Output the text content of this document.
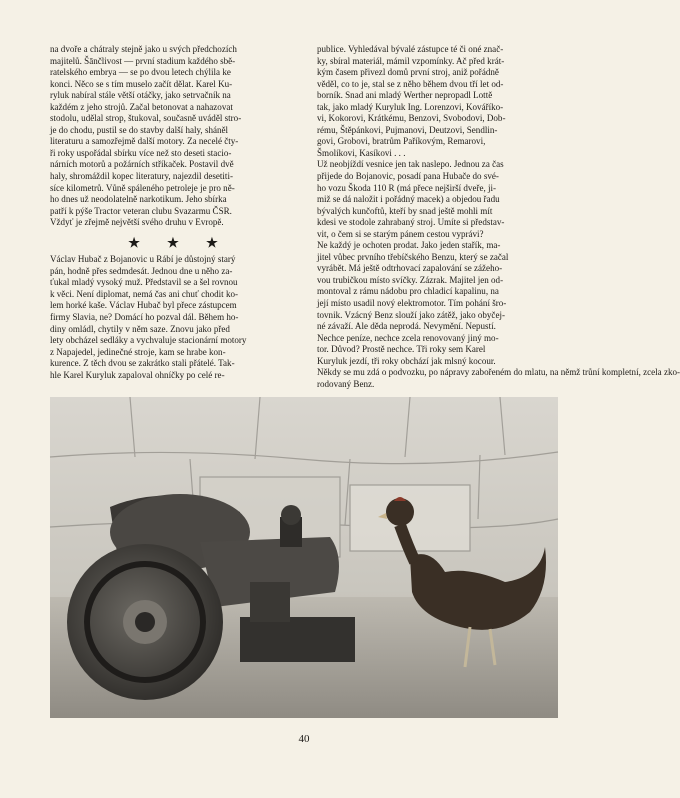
na dvoře a chátraly stejně jako u svých předchozích
majitelů. Šānčlivost — první stadium každého sbě-
ratelského embrya — se po dvou letech chýlila ke
konci. Něco se s tím muselo začít dělat. Karel Ku-
ryluk nabíral stále větší otáčky, jako setrvačník na
každém z jeho strojů. Začal betonovat a nahazovat
stodolu, udělal strop, štukoval, současně uváděl stro-
je do chodu, pustil se do stavby další haly, sháněl
literaturu a samozřejmě další motory. Za necelé čty-
ři roky uspořádal sbírku více než sto deseti stacio-
nárních motorů a požárních stříkaček. Postavil dvě
haly, shromáždil kopec literatury, najezdil desetiti-
síce kilometrů. Vůně spáleného petroleje je pro ně-
ho dnes už neodolatelně narkotikum. Jeho sbírka
patří k pýše Tractor veteran clubu Svazarmu ČSR.
Vždyť je zřejmě největší svého druhu v Evropě.

★ ★ ★

Václav Hubač z Bojanovic u Rábí je důstojný starý
pán, hodně přes sedmdesát. Jednou dne u něho za-
ťukal mladý vysoký muž. Představil se a šel rovnou
k věci. Není diplomat, nemá čas ani chuť chodit ko-
lem horké kaše. Václav Hubač byl přece zástupcem
firmy Slavia, ne? Domácí ho pozval dál. Během ho-
diny omládl, chytily v něm saze. Znovu jako před
lety obcházel sedláky a vychvaluje stacionární motory
z Napajedel, jedinečné stroje, kam se hrabe kon-
kurence. Z těch dvou se zakrátko stali přátelé. Tak-
hle Karel Kuryluk zapaloval ohníčky po celé re-

publice. Vyhledával bývalé zástupce té či oné znač-
ky, sbíral materiál, mámil vzpomínky. Ač před krát-
kým časem přivezl domů první stroj, aniž pořádně
věděl, co to je, stal se z něho během dvou tří let od-
borník. Snad ani mladý Werther nepropadl Lottě
tak, jako mladý Kuryluk Ing. Lorenzovi, Kováříko-
vi, Kokorovi, Krátkému, Benzovi, Svobodovi, Dob-
rému, Štěpánkovi, Pujmanovi, Deutzovi, Sendlin-
govi, Grobovi, bratrům Paříkovým, Remarovi,
Šmolíkovi, Kasíkovi . . .

Už neobjíždí vesnice jen tak naslepo. Jednou za čas
přijede do Bojanovic, posadí pana Hubače do své-
ho vozu Škoda 110 R (má přece nejširší dveře, ji-
miž se dá naložit i pořádný macek) a objedou řadu
bývalých kunčoftů, kteří by snad ještě mohli mít
kdesi ve stodole zahrabaný stroj. Umíte si představ-
vit, o čem si se starým pánem cestou vyprávi?

Ne každý je ochoten prodat. Jako jeden stařík, ma-
jitel vůbec prvního třebíčského Benzu, který se začal
vyrábět. Má ještě odtrhovací zapalování se zážeho-
vou trubičkou místo svíčky. Zázrak. Majitel jen od-
montoval z rámu nádobu pro chladicí kapalinu, na
její místo usadil nový elektromotor. Tím pohání šro-
tovnik. Vzácný Benz slouží jako zátěž, jako obyčej-
né závaží. Ale děda neprodá. Nevymění. Nepustí.
Nechce peníze, nechce zcela renovovaný jiný mo-
tor. Důvod? Prostě nechce. Tři roky sem Karel
Kuryluk jezdí, tři roky obchází jak mlsný kocour.
Někdy se mu zdá o podvozku, po nápravy zabořeném do mlatu, na němž trůní kompletní, zcela zko-
rodovaný Benz.

40
